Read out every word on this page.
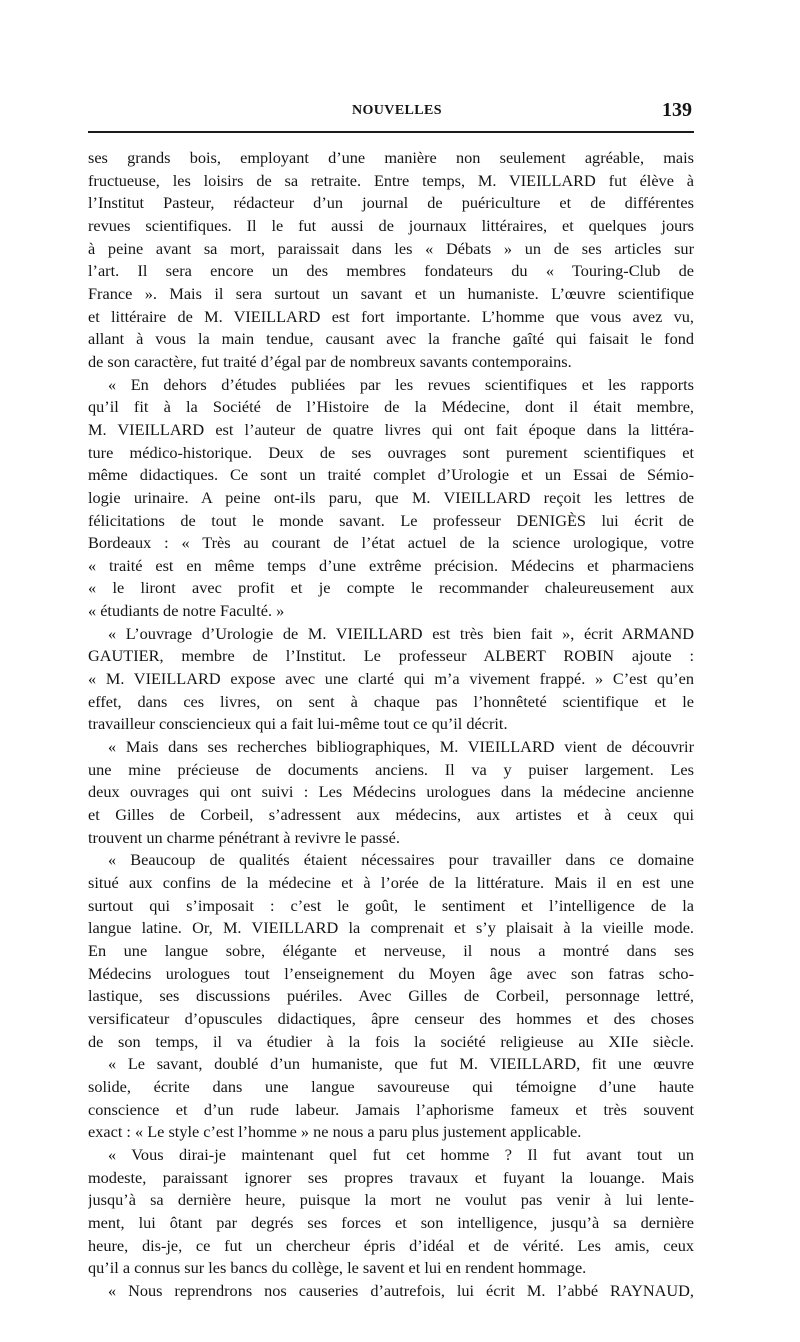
NOUVELLES	139
ses grands bois, employant d’une manière non seulement agréable, mais
fructueuse, les loisirs de sa retraite. Entre temps, M. VIEILLARD fut élève à
l’Institut Pasteur, rédacteur d’un journal de puériculture et de différentes
revues scientifiques. Il le fut aussi de journaux littéraires, et quelques jours
à peine avant sa mort, paraissait dans les « Débats » un de ses articles sur
l’art. Il sera encore un des membres fondateurs du « Touring-Club de
France ». Mais il sera surtout un savant et un humaniste. L’œuvre scientifique
et littéraire de M. VIEILLARD est fort importante. L’homme que vous avez vu,
allant à vous la main tendue, causant avec la franche gaîté qui faisait le fond
de son caractère, fut traité d’égal par de nombreux savants contemporains.
« En dehors d’études publiées par les revues scientifiques et les rapports
qu’il fit à la Société de l’Histoire de la Médecine, dont il était membre,
M. VIEILLARD est l’auteur de quatre livres qui ont fait époque dans la littéra-
ture médico-historique. Deux de ses ouvrages sont purement scientifiques et
même didactiques. Ce sont un traité complet d’Urologie et un Essai de Sémio-
logie urinaire. A peine ont-ils paru, que M. VIEILLARD reçoit les lettres de
félicitations de tout le monde savant. Le professeur DENIGÈS lui écrit de
Bordeaux : « Très au courant de l’état actuel de la science urologique, votre
« traité est en même temps d’une extrême précision. Médecins et pharmaciens
« le liront avec profit et je compte le recommander chaleureusement aux
« étudiants de notre Faculté. »
« L’ouvrage d’Urologie de M. VIEILLARD est très bien fait », écrit ARMAND
GAUTIER, membre de l’Institut. Le professeur ALBERT ROBIN ajoute :
« M. VIEILLARD expose avec une clarté qui m’a vivement frappé. » C’est qu’en
effet, dans ces livres, on sent à chaque pas l’honnêteté scientifique et le
travailleur consciencieux qui a fait lui-même tout ce qu’il décrit.
« Mais dans ses recherches bibliographiques, M. VIEILLARD vient de découvrir
une mine précieuse de documents anciens. Il va y puiser largement. Les
deux ouvrages qui ont suivi : Les Médecins urologues dans la médecine ancienne
et Gilles de Corbeil, s’adressent aux médecins, aux artistes et à ceux qui
trouvent un charme pénétrant à revivre le passé.
« Beaucoup de qualités étaient nécessaires pour travailler dans ce domaine
situé aux confins de la médecine et à l’orée de la littérature. Mais il en est une
surtout qui s’imposait : c’est le goût, le sentiment et l’intelligence de la
langue latine. Or, M. VIEILLARD la comprenait et s’y plaisait à la vieille mode.
En une langue sobre, élégante et nerveuse, il nous a montré dans ses
Médecins urologues tout l’enseignement du Moyen âge avec son fatras scho-
lastique, ses discussions puériles. Avec Gilles de Corbeil, personnage lettré,
versificateur d’opuscules didactiques, âpre censeur des hommes et des choses
de son temps, il va étudier à la fois la société religieuse au XIIe siècle.
« Le savant, doublé d’un humaniste, que fut M. VIEILLARD, fit une œuvre
solide, écrite dans une langue savoureuse qui témoigne d’une haute
conscience et d’un rude labeur. Jamais l’aphorisme fameux et très souvent
exact : « Le style c’est l’homme » ne nous a paru plus justement applicable.
« Vous dirai-je maintenant quel fut cet homme ? Il fut avant tout un
modeste, paraissant ignorer ses propres travaux et fuyant la louange. Mais
jusqu’à sa dernière heure, puisque la mort ne voulut pas venir à lui lente-
ment, lui ôtant par degrés ses forces et son intelligence, jusqu’à sa dernière
heure, dis-je, ce fut un chercheur épris d’idéal et de vérité. Les amis, ceux
qu’il a connus sur les bancs du collège, le savent et lui en rendent hommage.
« Nous reprendrons nos causeries d’autrefois, lui écrit M. l’abbé RAYNAUD,
